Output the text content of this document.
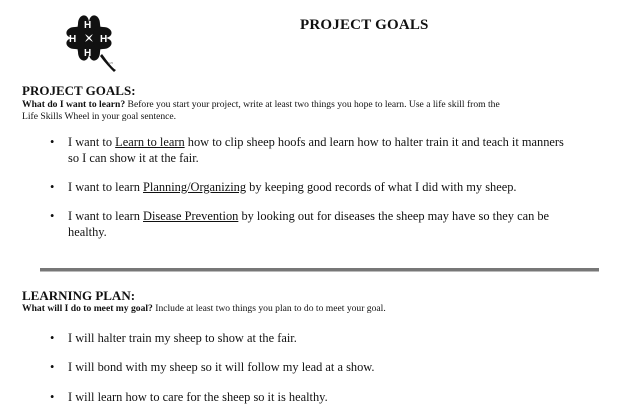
H
H
H H
4-H
PROJECT GOALS
PROJECT GOALS:
What do I want to learn? Before you start your project, write at least two things you hope to learn. Use a life skill from the
Life Skills Wheel in your goal sentence.
• I want to Learn to learn how to clip sheep hoofs and learn how to halter train it and teach it manners
so I can show it at the fair.
• I want to learn Planning/Organizing by keeping good records of what I did with my sheep.
• I want to learn Disease Prevention by looking out for diseases the sheep may have so they can be
healthy.
LEARNING PLAN:
What will I do to meet my goal? Include at least two things you plan to do to meet your goal.
• I will halter train my sheep to show at the fair.
• I will bond with my sheep so it will follow my lead at a show.
• I will learn how to care for the sheep so it is healthy.
